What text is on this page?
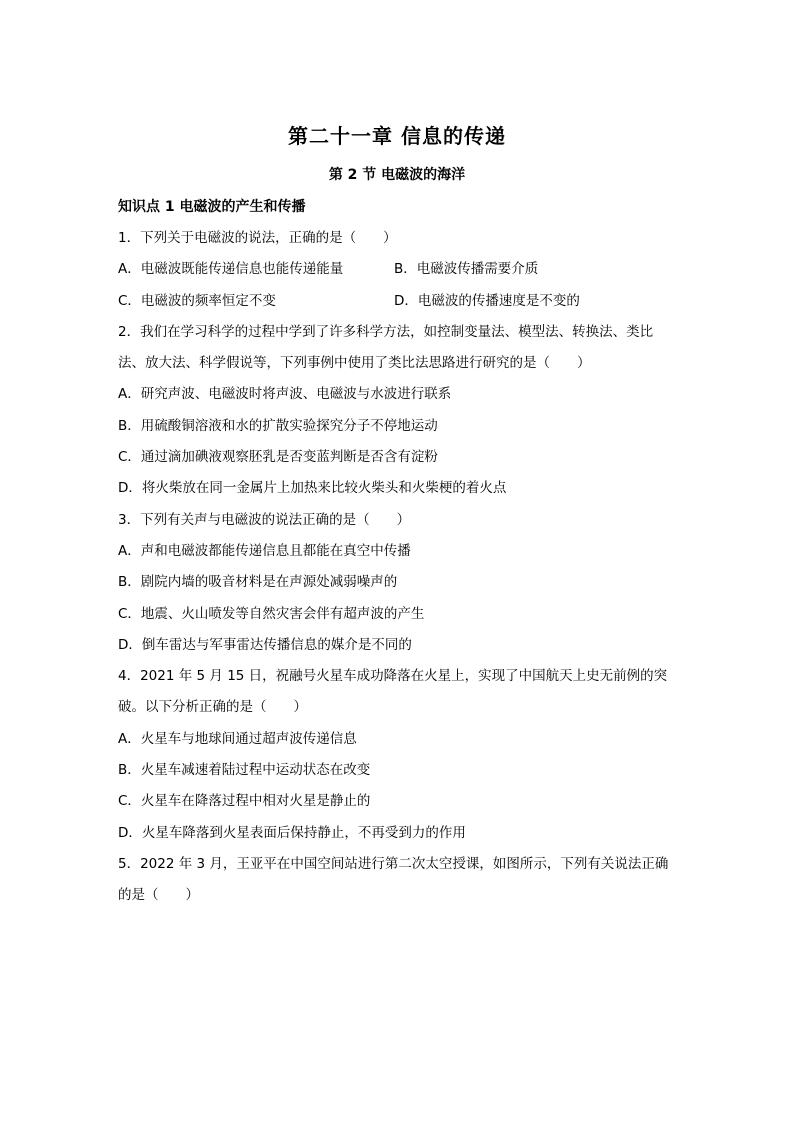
第二十一章 信息的传递
第 2 节 电磁波的海洋
知识点 1 电磁波的产生和传播
1．下列关于电磁波的说法，正确的是（　　）
A．电磁波既能传递信息也能传递能量	B．电磁波传播需要介质
C．电磁波的频率恒定不变	D．电磁波的传播速度是不变的
2．我们在学习科学的过程中学到了许多科学方法，如控制变量法、模型法、转换法、类比
法、放大法、科学假说等，下列事例中使用了类比法思路进行研究的是（　　）
A．研究声波、电磁波时将声波、电磁波与水波进行联系
B．用硫酸铜溶液和水的扩散实验探究分子不停地运动
C．通过滴加碘液观察胚乳是否变蓝判断是否含有淀粉
D．将火柴放在同一金属片上加热来比较火柴头和火柴梗的着火点
3．下列有关声与电磁波的说法正确的是（　　）
A．声和电磁波都能传递信息且都能在真空中传播
B．剧院内墙的吸音材料是在声源处减弱噪声的
C．地震、火山喷发等自然灾害会伴有超声波的产生
D．倒车雷达与军事雷达传播信息的媒介是不同的
4．2021 年 5 月 15 日，祝融号火星车成功降落在火星上，实现了中国航天上史无前例的突
破。以下分析正确的是（　　）
A．火星车与地球间通过超声波传递信息
B．火星车减速着陆过程中运动状态在改变
C．火星车在降落过程中相对火星是静止的
D．火星车降落到火星表面后保持静止，不再受到力的作用
5．2022 年 3 月，王亚平在中国空间站进行第二次太空授课，如图所示，下列有关说法正确
的是（　　）
